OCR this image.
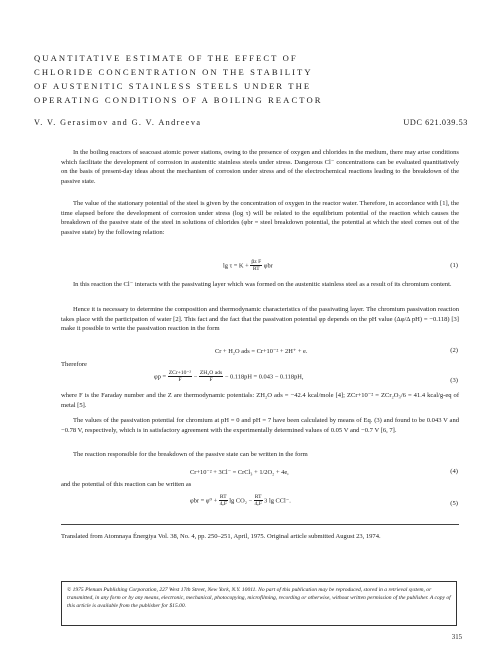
QUANTITATIVE ESTIMATE OF THE EFFECT OF
CHLORIDE CONCENTRATION ON THE STABILITY
OF AUSTENITIC STAINLESS STEELS UNDER THE
OPERATING CONDITIONS OF A BOILING REACTOR
V. V. Gerasimov and G. V. Andreeva	UDC 621.039.53
In the boiling reactors of seacoast atomic power stations, owing to the presence of oxygen and chlorides in the medium, there may arise conditions which facilitate the development of corrosion in austenitic stainless steels under stress. Dangerous Cl⁻ concentrations can be evaluated quantitatively on the basis of present-day ideas about the mechanism of corrosion under stress and of the electrochemical reactions leading to the breakdown of the passive state.
The value of the stationary potential of the steel is given by the concentration of oxygen in the reactor water. Therefore, in accordance with [1], the time elapsed before the development of corrosion under stress (log τ) will be related to the equilibrium potential of the reaction which causes the breakdown of the passive state of the steel in solutions of chlorides (φbr = steel breakdown potential, the potential at which the steel comes out of the passive state) by the following relation:
$\lg \tau = K + \frac{\text{βz F}}{RT}$ φbr	(1)
In this reaction the Cl⁻ interacts with the passivating layer which was formed on the austenitic stainless steel as a result of its chromium content.
Hence it is necessary to determine the composition and thermodynamic characteristics of the passivating layer. The chromium passivation reaction takes place with the participation of water [2]. This fact and the fact that the passivation potential φp depends on the pH value (Δφ/Δ pH) = −0.118) [3] make it possible to write the passivation reaction in the form
Cr + H₂O ads = Cr+10⁻² + 2H⁺ + e.	(2)
Therefore
$\varphi p = \frac{\text{ZCr+10⁻²}}{F} - \frac{\text{ZH₂O ads}}{F} - 0.118pH = 0.043 - 0.118pH$,
(3)
where F is the Faraday number and the Z are thermodynamic potentials: ZH₂O ads = −42.4 kcal/mole [4]; ZCr+10⁻² = ZCr₂O₃/6 = 41.4 kcal/g-eq of metal [5].
The values of the passivation potential for chromium at pH = 0 and pH = 7 have been calculated by means of Eq. (3) and found to be 0.043 V and −0.78 V, respectively, which is in satisfactory agreement with the experimentally determined values of 0.05 V and −0.7 V [6, 7].
The reaction responsible for the breakdown of the passive state can be written in the form
Cr+10⁻² + 3Cl⁻ = CrCl₃ + 1/2O₂ + 4e,	(4)
and the potential of this reaction can be written as
$\varphi br = \varphi^0 + \frac{RT}{\text{4ₑF}}$ $\lg CO_2 - \frac{RT}{\text{4ₑF}} 3$ lg CCl⁻.	(5)
Translated from Atomnaya Énergiya Vol. 38, No. 4, pp. 250–251, April, 1975. Original article submitted August 23, 1974.
© 1975 Plenum Publishing Corporation, 227 West 17th Street, New York, N.Y. 10011. No part of this publication may be reproduced, stored in a retrieval system, or transmitted, in any form or by any means, electronic, mechanical, photocopying, microfilming, recording or otherwise, without written permission of the publisher. A copy of this article is available from the publisher for $15.00.
315
